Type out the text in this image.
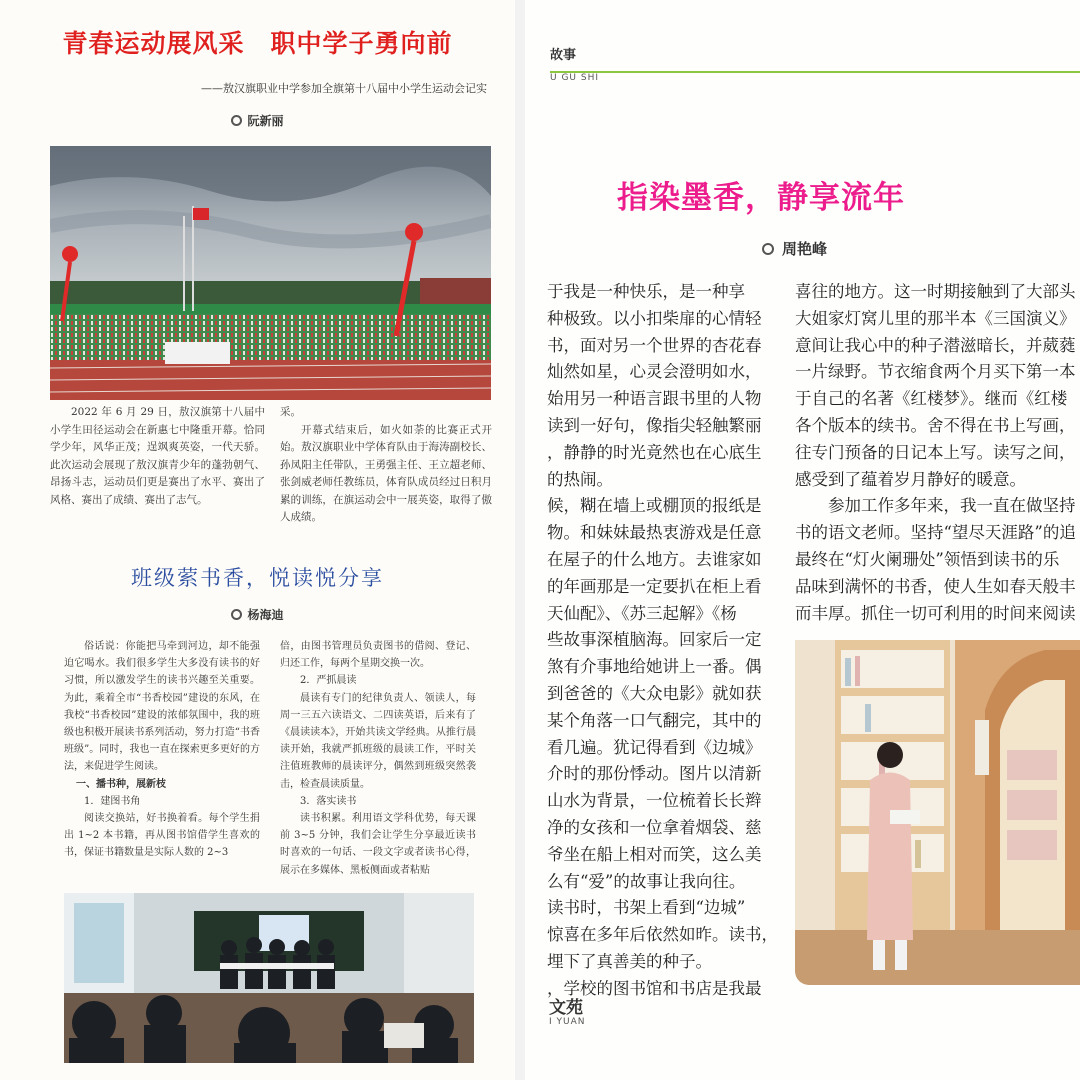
青春运动展风采　职中学子勇向前
——敖汉旗职业中学参加全旗第十八届中小学生运动会记实
阮新丽

2022 年 6 月 29 日，敖汉旗第十八届中小学生田径运动会在新惠七中隆重开幕。恰同学少年，风华正茂；逞飒爽英姿，一代天骄。此次运动会展现了敖汉旗青少年的蓬勃朝气、昂扬斗志，运动员们更是赛出了水平、赛出了风格、赛出了成绩、赛出了志气。

采。

开幕式结束后，如火如荼的比赛正式开始。敖汉旗职业中学体育队由于海涛副校长、孙凤阳主任带队，王勇强主任、王立超老师、张剑威老师任教练员，体育队成员经过日积月累的训练，在旗运动会中一展英姿，取得了傲人成绩。

班级萦书香，悦读悦分享
杨海迪

俗话说：你能把马牵到河边，却不能强迫它喝水。我们很多学生大多没有读书的好习惯，所以激发学生的读书兴趣至关重要。为此，乘着全市“书香校园”建设的东风，在我校“书香校园”建设的浓郁氛围中，我的班级也积极开展读书系列活动，努力打造“书香班级”。同时，我也一直在探索更多更好的方法，来促进学生阅读。

一、播书种，展新枝

1．建图书角

阅读交换站，好书换着看。每个学生捐出 1~2 本书籍，再从图书馆借学生喜欢的书，保证书籍数量是实际人数的 2~3

倍，由图书管理员负责图书的借阅、登记、归还工作，每两个星期交换一次。

2．严抓晨读

晨读有专门的纪律负责人、领读人，每周一三五六读语文、二四读英语，后来有了《晨读读本》，开始共读文学经典。从推行晨读开始，我就严抓班级的晨读工作，平时关注值班教师的晨读评分，偶然到班级突然袭击，检查晨读质量。

3．落实读书

读书积累。利用语文学科优势，每天课前 3~5 分钟，我们会让学生分享最近读书时喜欢的一句话、一段文字或者读书心得，展示在多媒体、黑板侧面或者粘贴

故事
U GU SHI
指染墨香，静享流年
周艳峰
于我是一种快乐，是一种享
种极致。以小扣柴扉的心情轻
书，面对另一个世界的杏花春
灿然如星，心灵会澄明如水，
始用另一种语言跟书里的人物
读到一好句，像指尖轻触繁丽
，静静的时光竟然也在心底生
的热闹。
候，糊在墙上或棚顶的报纸是
物。和妹妹最热衷游戏是任意
在屋子的什么地方。去谁家如
的年画那是一定要扒在柜上看
天仙配》、《苏三起解》《杨
些故事深植脑海。回家后一定
煞有介事地给她讲上一番。偶
到爸爸的《大众电影》就如获
某个角落一口气翻完，其中的
看几遍。犹记得看到《边城》
介时的那份悸动。图片以清新
山水为背景，一位梳着长长辫
净的女孩和一位拿着烟袋、慈
爷坐在船上相对而笑，这么美
么有“爱”的故事让我向往。
读书时，书架上看到“边城”
惊喜在多年后依然如昨。读书，
埋下了真善美的种子。
，学校的图书馆和书店是我最
喜往的地方。这一时期接触到了大部头
大姐家灯窝儿里的那半本《三国演义》
意间让我心中的种子潜滋暗长，并葳蕤
一片绿野。节衣缩食两个月买下第一本
于自己的名著《红楼梦》。继而《红楼
各个版本的续书。舍不得在书上写画，
往专门预备的日记本上写。读写之间，
感受到了蕴着岁月静好的暖意。
　　参加工作多年来，我一直在做坚持
书的语文老师。坚持“望尽天涯路”的追
最终在“灯火阑珊处”领悟到读书的乐
品味到满怀的书香，使人生如春天般丰
而丰厚。抓住一切可利用的时间来阅读
文苑
I YUAN
